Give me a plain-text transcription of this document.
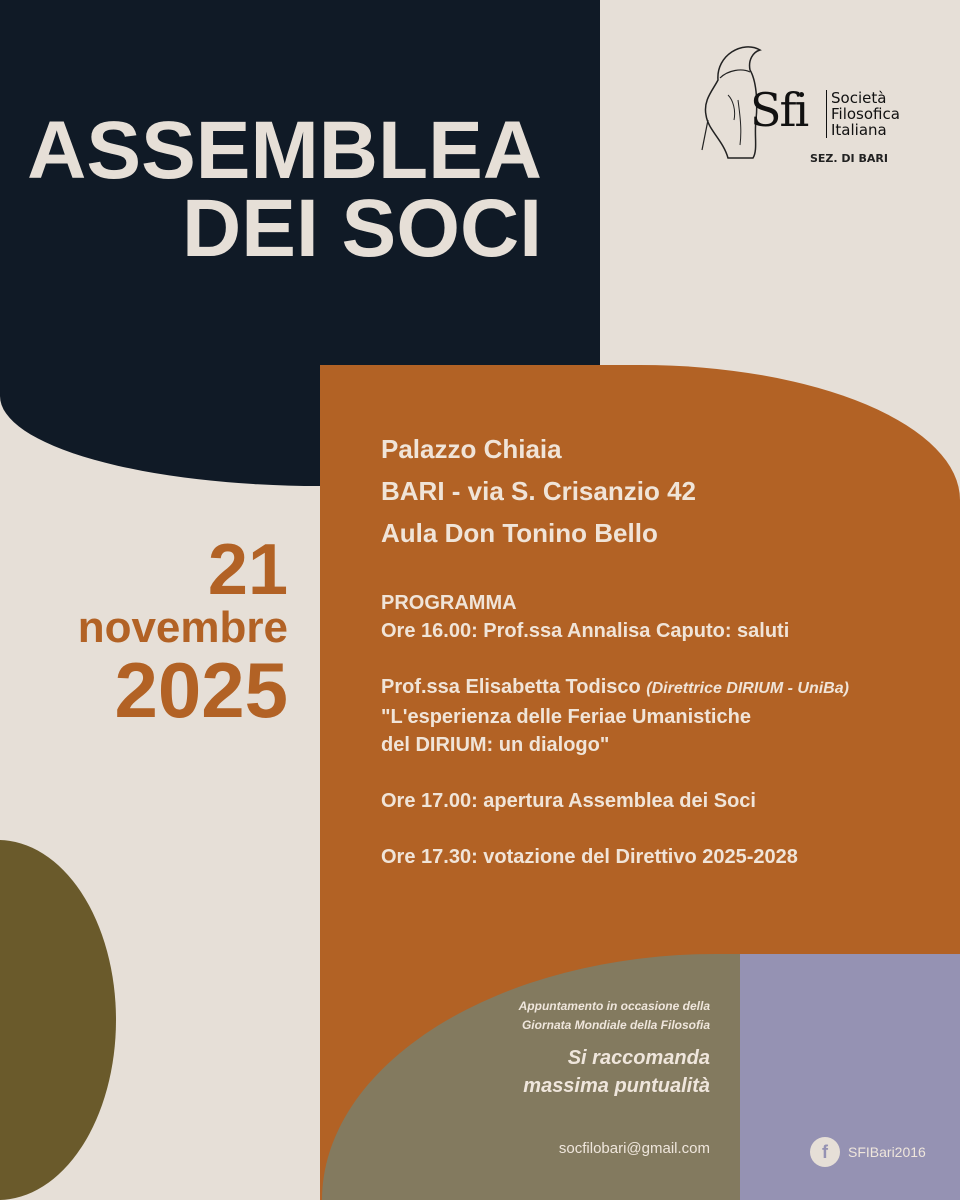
ASSEMBLEA
DEI SOCI
Sfi Società
Filosofica
Italiana
SEZ. DI BARI
21
novembre
2025
Palazzo Chiaia
BARI - via S. Crisanzio 42
Aula Don Tonino Bello
PROGRAMMA
Ore 16.00: Prof.ssa Annalisa Caputo: saluti
Prof.ssa Elisabetta Todisco (Direttrice DIRIUM - UniBa)
"L'esperienza delle Feriae Umanistiche
del DIRIUM: un dialogo"
Ore 17.00: apertura Assemblea dei Soci
Ore 17.30: votazione del Direttivo 2025-2028
Appuntamento in occasione della
Giornata Mondiale della Filosofia
Si raccomanda
massima puntualità
socfilobari@gmail.com	f	SFIBari2016
